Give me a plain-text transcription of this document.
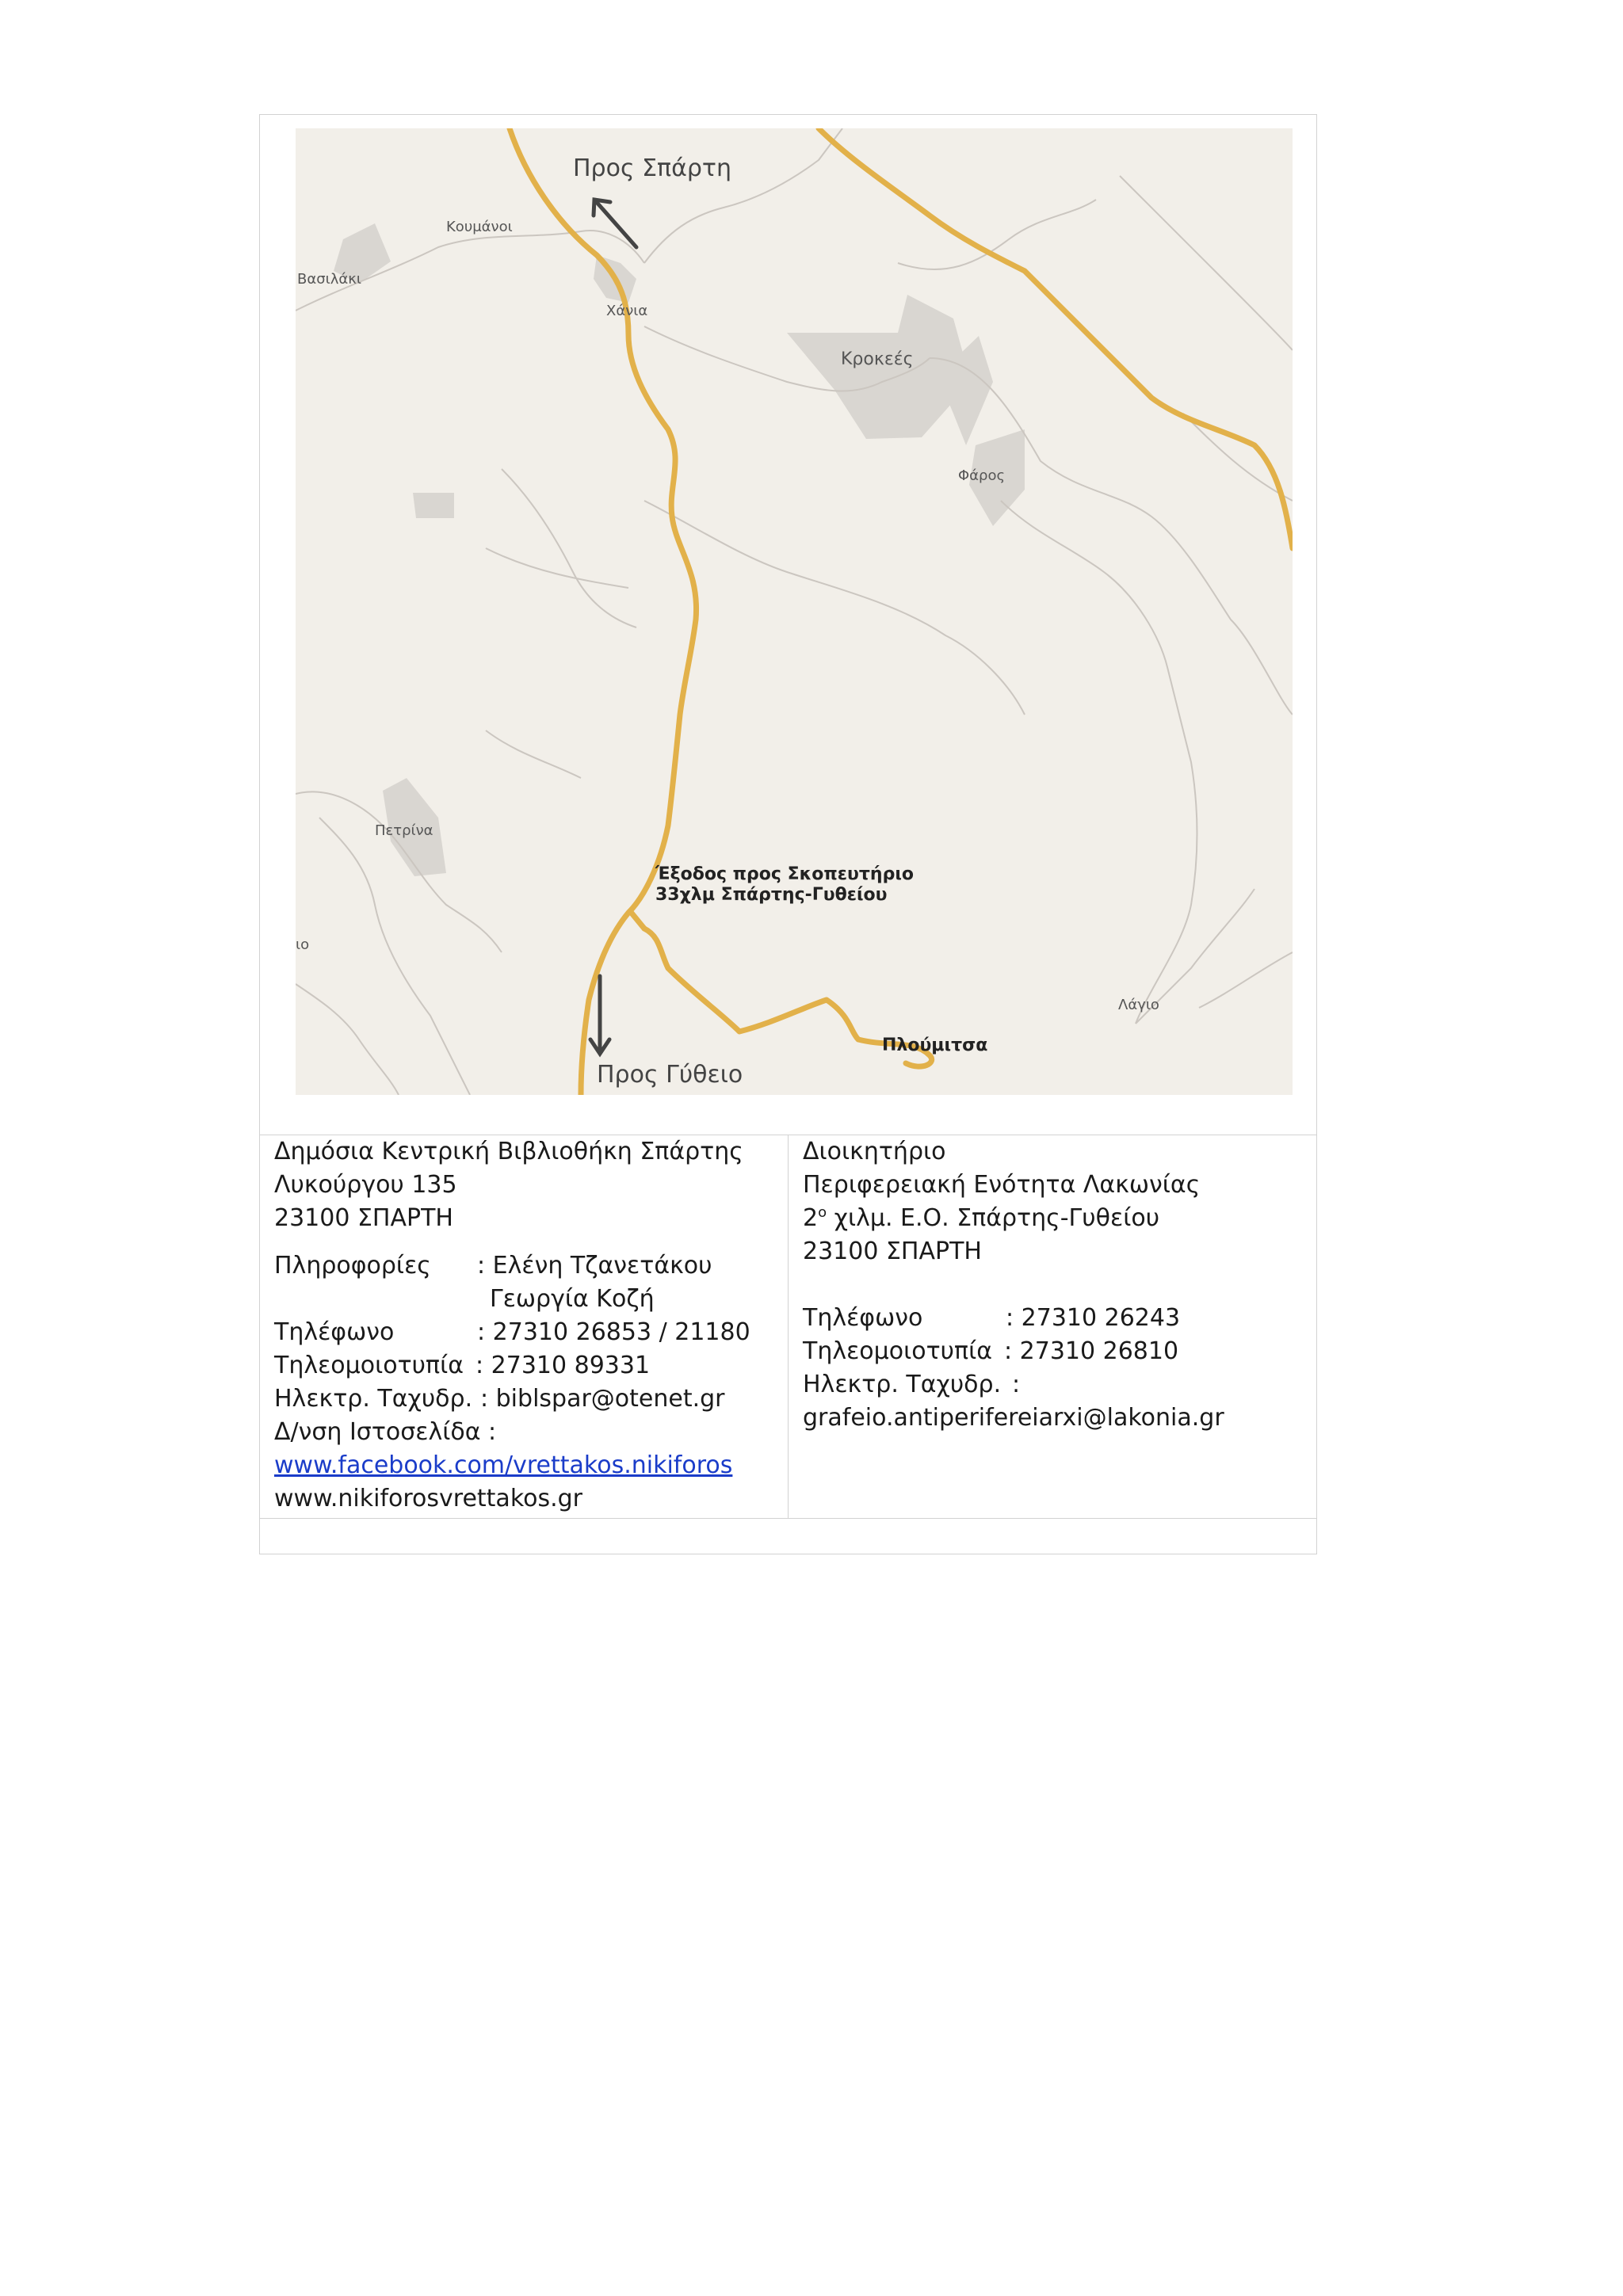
Προς Σπάρτη
Κουμάνοι
Βασιλάκι
Χάνια
Κροκεές
Φάρος
Πετρίνα
ιο
Έξοδος προς Σκοπευτήριο
33χλμ Σπάρτης-Γυθείου
Πλούμιτσα
Λάγιο
Προς Γύθειο
Δημόσια Κεντρική Βιβλιοθήκη Σπάρτης
Λυκούργου 135
23100 ΣΠΑΡΤΗ
Πληροφορίες : Ελένη Τζανετάκου
Γεωργία Κοζή
Τηλέφωνο	: 27310 26853 / 21180
Τηλεομοιοτυπία : 27310 89331
Ηλεκτρ. Ταχυδρ. : biblspar@otenet.gr
Δ/νση Ιστοσελίδα :
www.facebook.com/vrettakos.nikiforos
www.nikiforosvrettakos.gr
Διοικητήριο
Περιφερειακή Ενότητα Λακωνίας
$2^o$ χιλμ. Ε.Ο. Σπάρτης-Γυθείου
23100 ΣΠΑΡΤΗ
Τηλέφωνο	: 27310 26243
Τηλεομοιοτυπία : 27310 26810
Ηλεκτρ. Ταχυδρ. :
grafeio.antiperifereiarxi@lakonia.gr
